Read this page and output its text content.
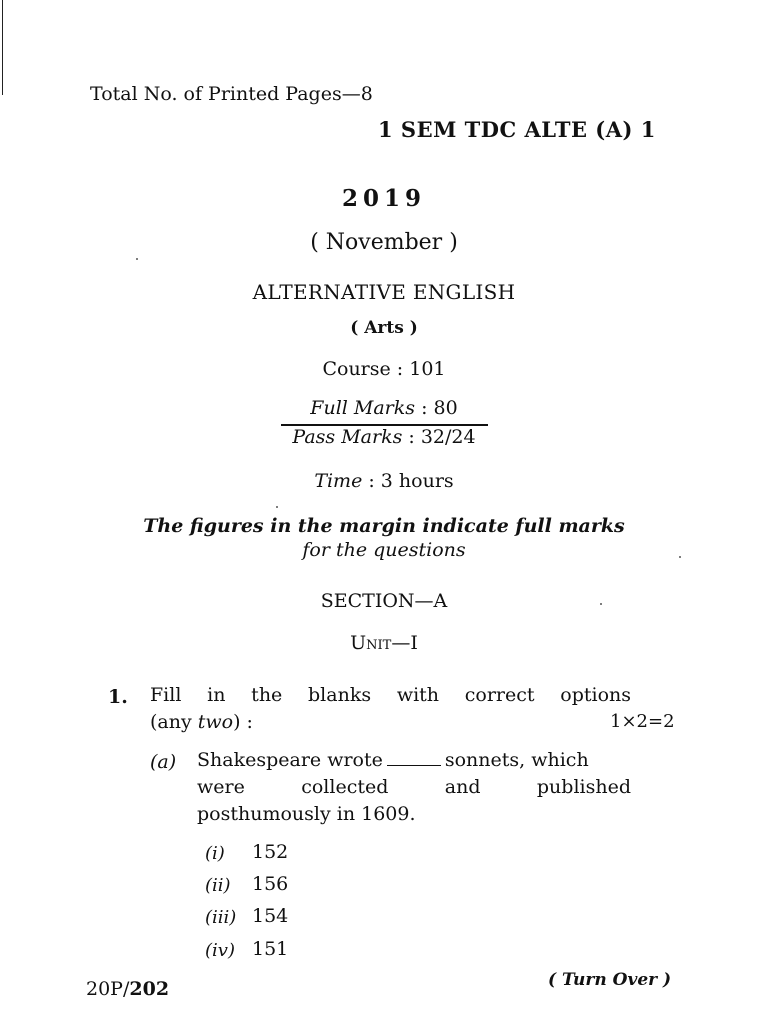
Total No. of Printed Pages—8
1 SEM TDC ALTE (A) 1
2019
( November )
ALTERNATIVE ENGLISH
( Arts )
Course : 101
Full Marks : 80
Pass Marks : 32/24
Time : 3 hours
The figures in the margin indicate full marks
for the questions
SECTION—A
Unit—I
1. Fill in the blanks with correct options
(any two) :	1×2=2
(a) Shakespeare wrote	sonnets, which
were collected and published
posthumously in 1609.
(i) 152
(ii) 156
(iii) 154
(iv) 151
20P/202	( Turn Over )
